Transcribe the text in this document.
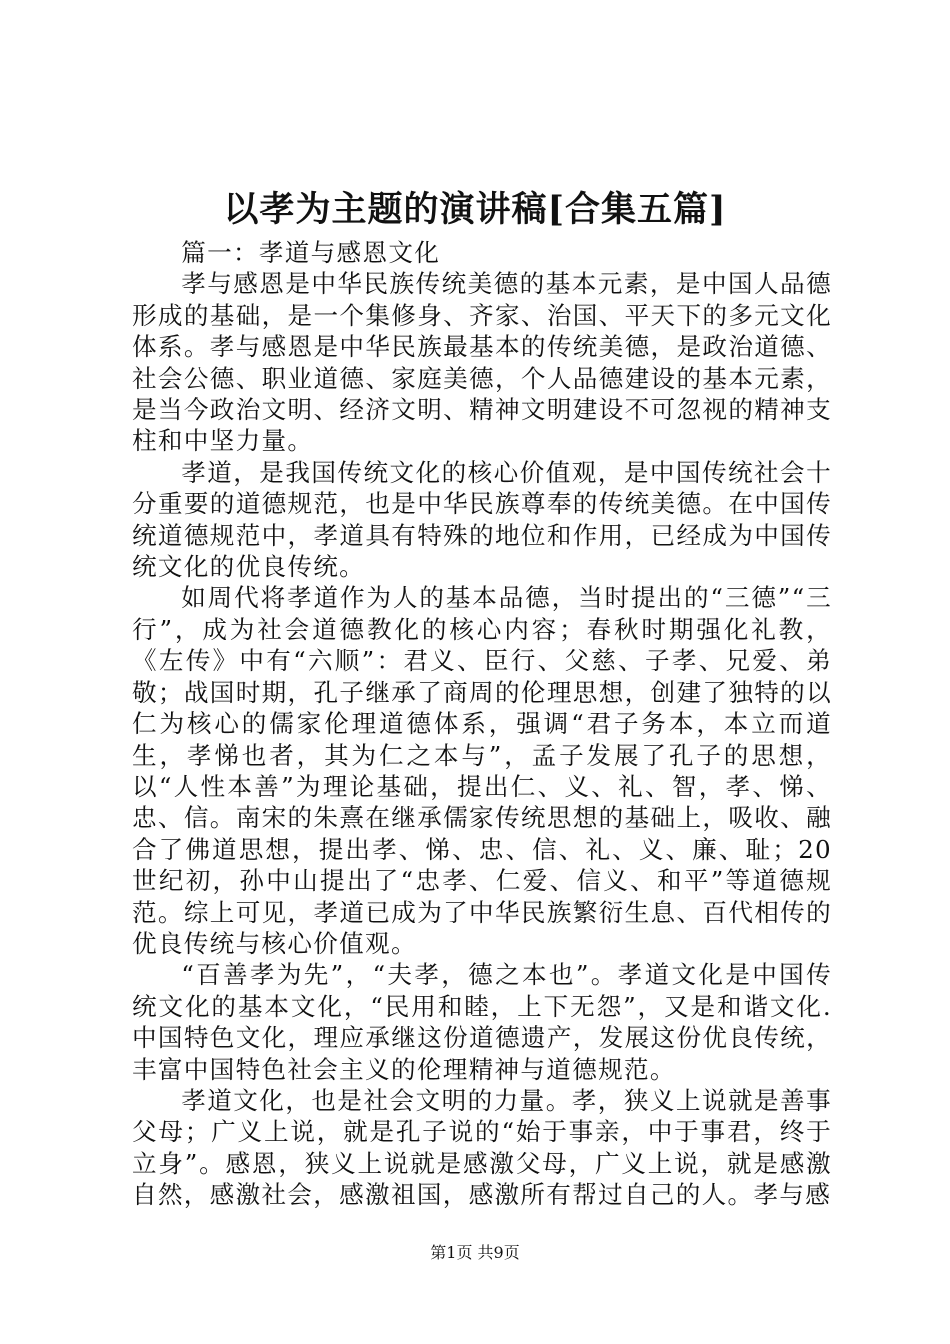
以孝为主题的演讲稿[合集五篇]

篇一：孝道与感恩文化

孝与感恩是中华民族传统美德的基本元素，是中国人品德形成的基础，是一个集修身、齐家、治国、平天下的多元文化体系。孝与感恩是中华民族最基本的传统美德，是政治道德、社会公德、职业道德、家庭美德，个人品德建设的基本元素，是当今政治文明、经济文明、精神文明建设不可忽视的精神支柱和中坚力量。

孝道，是我国传统文化的核心价值观，是中国传统社会十分重要的道德规范，也是中华民族尊奉的传统美德。在中国传统道德规范中，孝道具有特殊的地位和作用，已经成为中国传统文化的优良传统。

如周代将孝道作为人的基本品德，当时提出的“三德”“三行”，成为社会道德教化的核心内容；春秋时期强化礼教，《左传》中有“六顺”：君义、臣行、父慈、子孝、兄爱、弟敬；战国时期，孔子继承了商周的伦理思想，创建了独特的以仁为核心的儒家伦理道德体系，强调“君子务本，本立而道生，孝悌也者，其为仁之本与”，孟子发展了孔子的思想，以“人性本善”为理论基础，提出仁、义、礼、智，孝、悌、忠、信。南宋的朱熹在继承儒家传统思想的基础上，吸收、融合了佛道思想，提出孝、悌、忠、信、礼、义、廉、耻；20世纪初，孙中山提出了“忠孝、仁爱、信义、和平”等道德规范。综上可见，孝道已成为了中华民族繁衍生息、百代相传的优良传统与核心价值观。

“百善孝为先”，“夫孝，德之本也”。孝道文化是中国传统文化的基本文化，“民用和睦，上下无怨”，又是和谐文化.中国特色文化，理应承继这份道德遗产，发展这份优良传统，丰富中国特色社会主义的伦理精神与道德规范。

孝道文化，也是社会文明的力量。孝，狭义上说就是善事父母；广义上说，就是孔子说的“始于事亲，中于事君，终于立身”。感恩，狭义上说就是感激父母，广义上说，就是感激自然，感激社会，感激祖国，感激所有帮过自己的人。孝与感

第1页 共9页
